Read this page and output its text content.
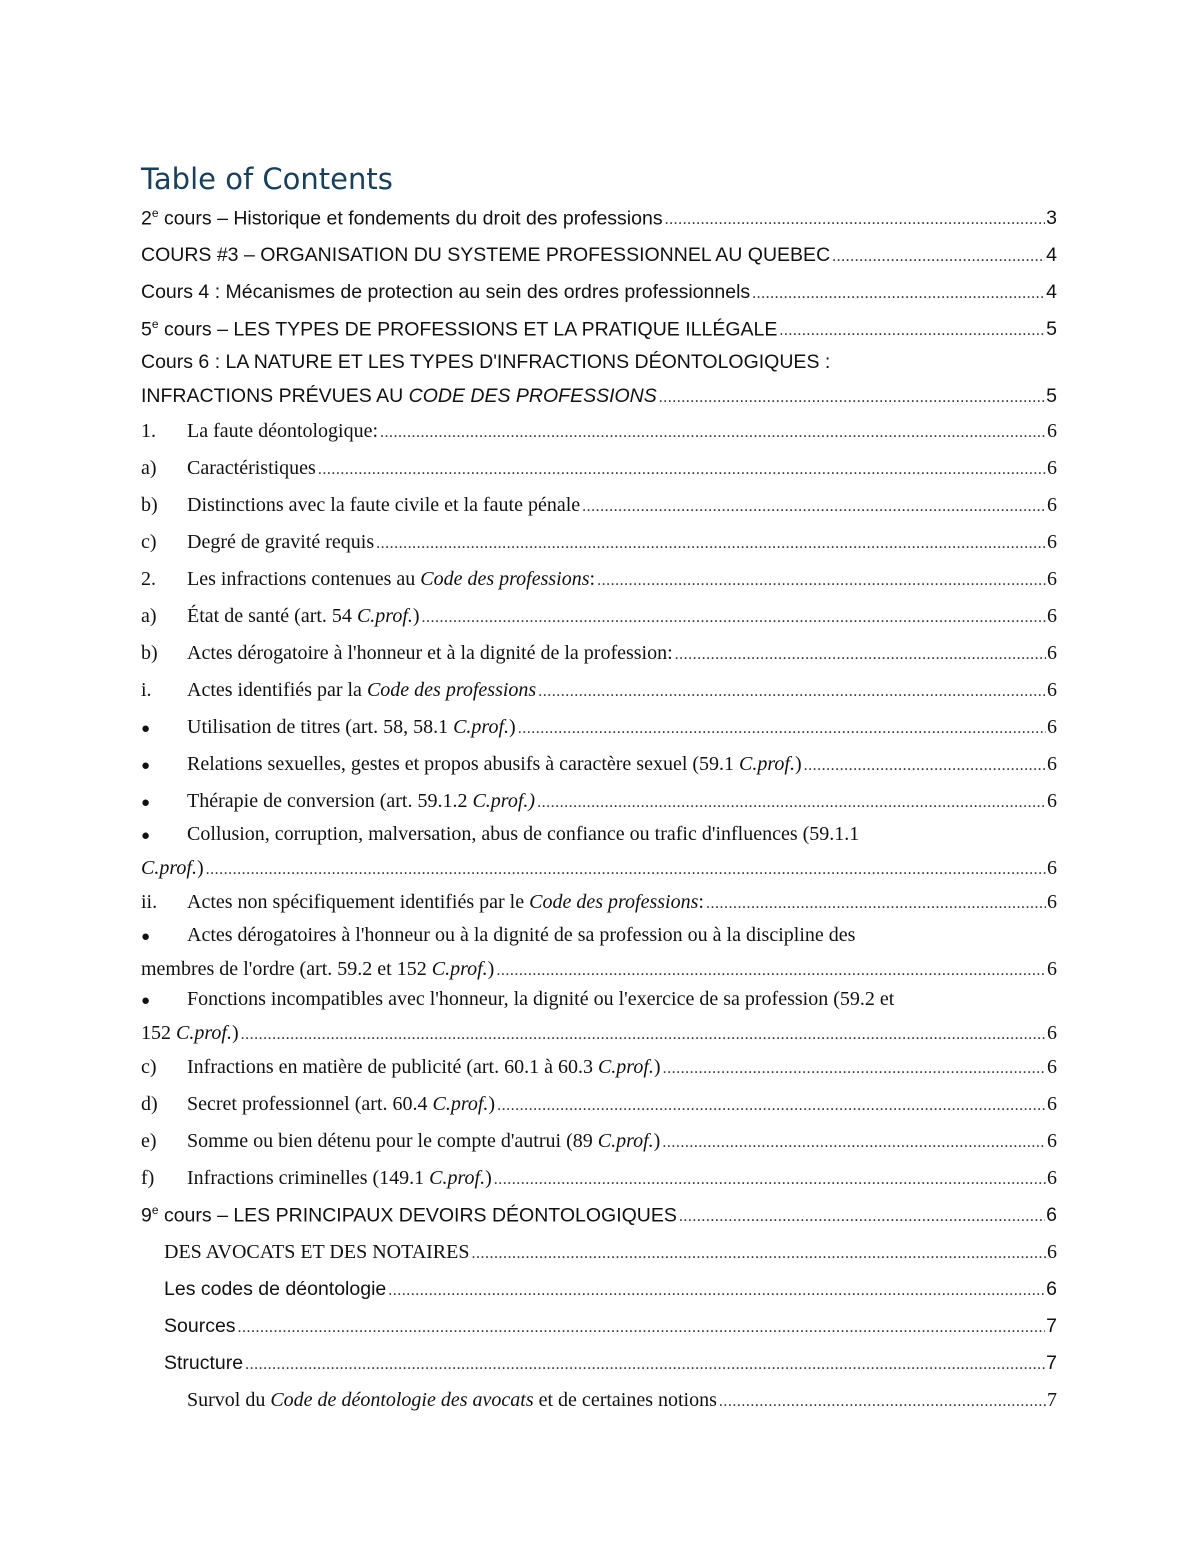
Table of Contents
2e cours – Historique et fondements du droit des professions .....	3
COURS #3 – ORGANISATION DU SYSTEME PROFESSIONNEL AU QUEBEC .....	4
Cours 4 : Mécanismes de protection au sein des ordres professionnels .....	4
5e cours – LES TYPES DE PROFESSIONS ET LA PRATIQUE ILLÉGALE .....	5
Cours 6 : LA NATURE ET LES TYPES D'INFRACTIONS DÉONTOLOGIQUES :
INFRACTIONS PRÉVUES AU CODE DES PROFESSIONS .....	5
1.	La faute déontologique: .....	6
a)	Caractéristiques .....	6
b)	Distinctions avec la faute civile et la faute pénale .....	6
c)	Degré de gravité requis .....	6
2.	Les infractions contenues au Code des professions: .....	6
a)	État de santé (art. 54 C.prof.) .....	6
b)	Actes dérogatoire à l'honneur et à la dignité de la profession: .....	6
i.	Actes identifiés par la Code des professions .....	6
●	Utilisation de titres (art. 58, 58.1 C.prof.) .....	6
●	Relations sexuelles, gestes et propos abusifs à caractère sexuel (59.1 C.prof.) .....	6
●	Thérapie de conversion (art. 59.1.2 C.prof.) .....	6
● Collusion, corruption, malversation, abus de confiance ou trafic d'influences (59.1.1
C.prof.) .....	6
ii.	Actes non spécifiquement identifiés par le Code des professions: .....	6
● Actes dérogatoires à l'honneur ou à la dignité de sa profession ou à la discipline des
membres de l'ordre (art. 59.2 et 152 C.prof.) .....	6
● Fonctions incompatibles avec l'honneur, la dignité ou l'exercice de sa profession (59.2 et
152 C.prof.) .....	6
c)	Infractions en matière de publicité (art. 60.1 à 60.3 C.prof.) .....	6
d)	Secret professionnel (art. 60.4 C.prof.) .....	6
e)	Somme ou bien détenu pour le compte d'autrui (89 C.prof.) .....	6
f)	Infractions criminelles (149.1 C.prof.) .....	6
9e cours – LES PRINCIPAUX DEVOIRS DÉONTOLOGIQUES .....	6
DES AVOCATS ET DES NOTAIRES .....	6
Les codes de déontologie .....	6
Sources .....	7
Structure .....	7
Survol du Code de déontologie des avocats et de certaines notions .....	7
